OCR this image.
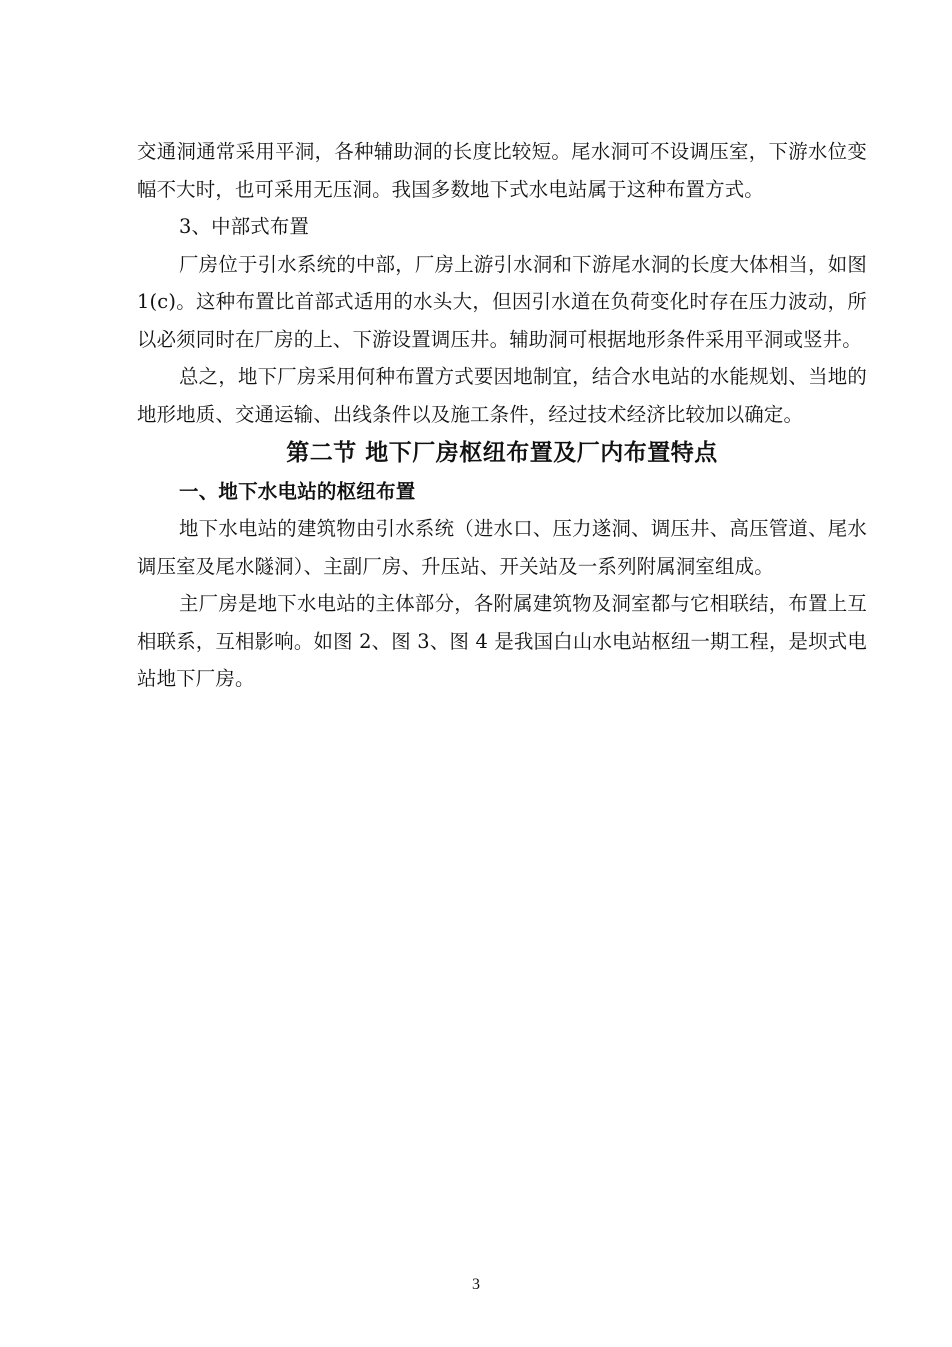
交通洞通常采用平洞，各种辅助洞的长度比较短。尾水洞可不设调压室，下游水位变幅不大时，也可采用无压洞。我国多数地下式水电站属于这种布置方式。

3、中部式布置

厂房位于引水系统的中部，厂房上游引水洞和下游尾水洞的长度大体相当，如图 1(c)。这种布置比首部式适用的水头大，但因引水道在负荷变化时存在压力波动，所以必须同时在厂房的上、下游设置调压井。辅助洞可根据地形条件采用平洞或竖井。

总之，地下厂房采用何种布置方式要因地制宜，结合水电站的水能规划、当地的地形地质、交通运输、出线条件以及施工条件，经过技术经济比较加以确定。

第二节 地下厂房枢纽布置及厂内布置特点
一、地下水电站的枢纽布置

地下水电站的建筑物由引水系统（进水口、压力遂洞、调压井、高压管道、尾水调压室及尾水隧洞）、主副厂房、升压站、开关站及一系列附属洞室组成。

主厂房是地下水电站的主体部分，各附属建筑物及洞室都与它相联结，布置上互相联系，互相影响。如图 2、图 3、图 4 是我国白山水电站枢纽一期工程，是坝式电站地下厂房。

3
